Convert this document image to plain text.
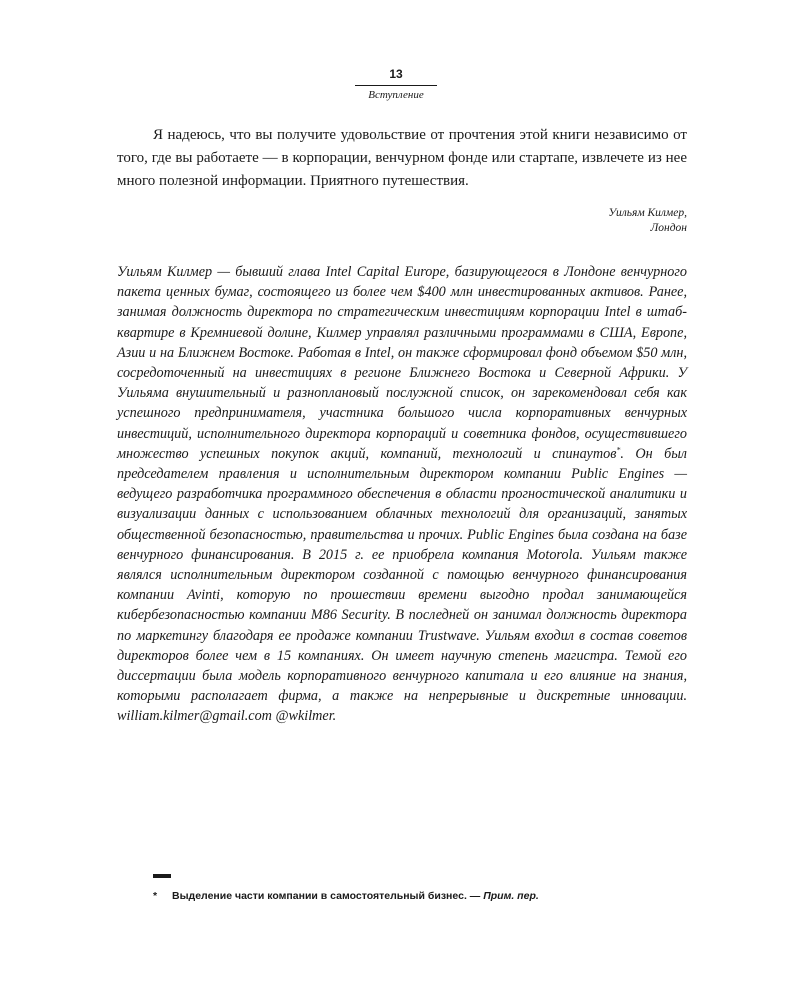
13
Вступление

Я надеюсь, что вы получите удовольствие от прочтения этой книги независимо от того, где вы работаете — в корпорации, венчурном фонде или стартапе, извлечете из нее много полезной информации. Приятного путешествия.

Уильям Килмер,
Лондон

Уильям Килмер — бывший глава Intel Capital Europe, базирующегося в Лондоне венчурного пакета ценных бумаг, состоящего из более чем $400 млн инвестированных активов. Ранее, занимая должность директора по стратегическим инвестициям корпорации Intel в штаб-квартире в Кремниевой долине, Килмер управлял различными программами в США, Европе, Азии и на Ближнем Востоке. Работая в Intel, он также сформировал фонд объемом $50 млн, сосредоточенный на инвестициях в регионе Ближнего Востока и Северной Африки. У Уильяма внушительный и разноплановый послужной список, он зарекомендовал себя как успешного предпринимателя, участника большого числа корпоративных венчурных инвестиций, исполнительного директора корпораций и советника фондов, осуществившего множество успешных покупок акций, компаний, технологий и спинаутов*. Он был председателем правления и исполнительным директором компании Public Engines — ведущего разработчика программного обеспечения в области прогностической аналитики и визуализации данных с использованием облачных технологий для организаций, занятых общественной безопасностью, правительства и прочих. Public Engines была создана на базе венчурного финансирования. В 2015 г. ее приобрела компания Motorola. Уильям также являлся исполнительным директором созданной с помощью венчурного финансирования компании Avinti, которую по прошествии времени выгодно продал занимающейся кибербезопасностью компании M86 Security. В последней он занимал должность директора по маркетингу благодаря ее продаже компании Trustwave. Уильям входил в состав советов директоров более чем в 15 компаниях. Он имеет научную степень магистра. Темой его диссертации была модель корпоративного венчурного капитала и его влияние на знания, которыми располагает фирма, а также на непрерывные и дискретные инновации. william.kilmer@gmail.com @wkilmer.

* Выделение части компании в самостоятельный бизнес. — Прим. пер.
